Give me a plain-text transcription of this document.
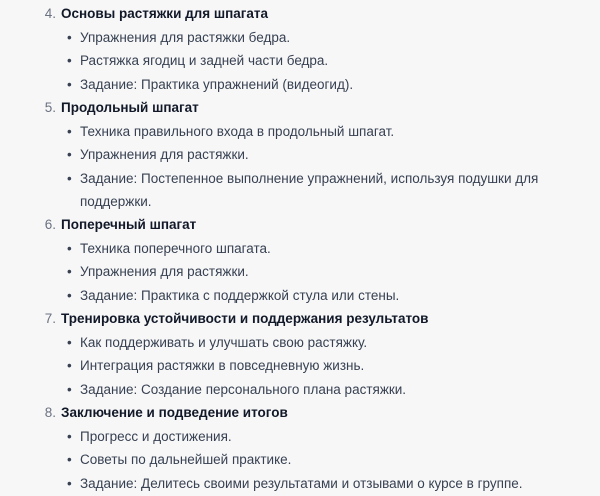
4. Основы растяжки для шпагата
• Упражнения для растяжки бедра.
• Растяжка ягодиц и задней части бедра.
• Задание: Практика упражнений (видеогид).
5. Продольный шпагат
• Техника правильного входа в продольный шпагат.
• Упражнения для растяжки.
• Задание: Постепенное выполнение упражнений, используя подушки для поддержки.
6. Поперечный шпагат
• Техника поперечного шпагата.
• Упражнения для растяжки.
• Задание: Практика с поддержкой стула или стены.
7. Тренировка устойчивости и поддержания результатов
• Как поддерживать и улучшать свою растяжку.
• Интеграция растяжки в повседневную жизнь.
• Задание: Создание персонального плана растяжки.
8. Заключение и подведение итогов
• Прогресс и достижения.
• Советы по дальнейшей практике.
• Задание: Делитесь своими результатами и отзывами о курсе в группе.
